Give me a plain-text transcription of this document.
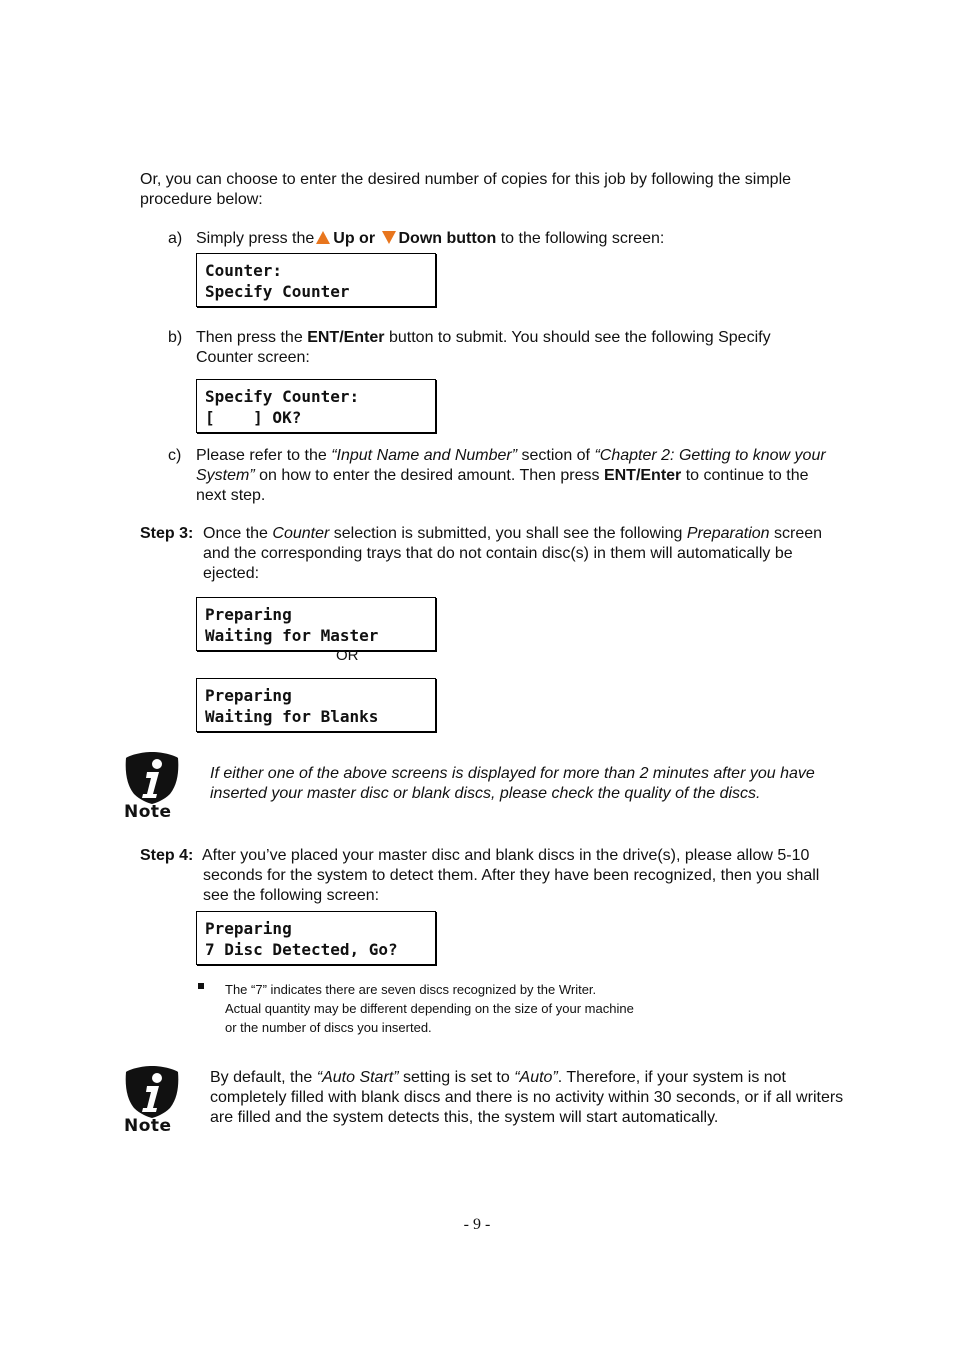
Or, you can choose to enter the desired number of copies for this job by following the simple procedure below:

a) Simply press the Up or Down button to the following screen:
Counter:
Specify Counter
b) Then press the ENT/Enter button to submit. You should see the following Specify Counter screen:
Specify Counter:
[    ] OK?
c) Please refer to the “Input Name and Number” section of “Chapter 2: Getting to know your System” on how to enter the desired amount. Then press ENT/Enter to continue to the next step.
Step 3: Once the Counter selection is submitted, you shall see the following Preparation screen and the corresponding trays that do not contain disc(s) in them will automatically be ejected:
Preparing
Waiting for Master
OR
Preparing
Waiting for Blanks
Note

If either one of the above screens is displayed for more than 2 minutes after you have inserted your master disc or blank discs, please check the quality of the discs.

Step 4: After you’ve placed your master disc and blank discs in the drive(s), please allow 5-10 seconds for the system to detect them. After they have been recognized, then you shall see the following screen:

Preparing
7 Disc Detected, Go?

The “7” indicates there are seven discs recognized by the Writer. Actual quantity may be different depending on the size of your machine or the number of discs you inserted.

Note

By default, the “Auto Start” setting is set to “Auto”. Therefore, if your system is not completely filled with blank discs and there is no activity within 30 seconds, or if all writers are filled and the system detects this, the system will start automatically.

- 9 -
